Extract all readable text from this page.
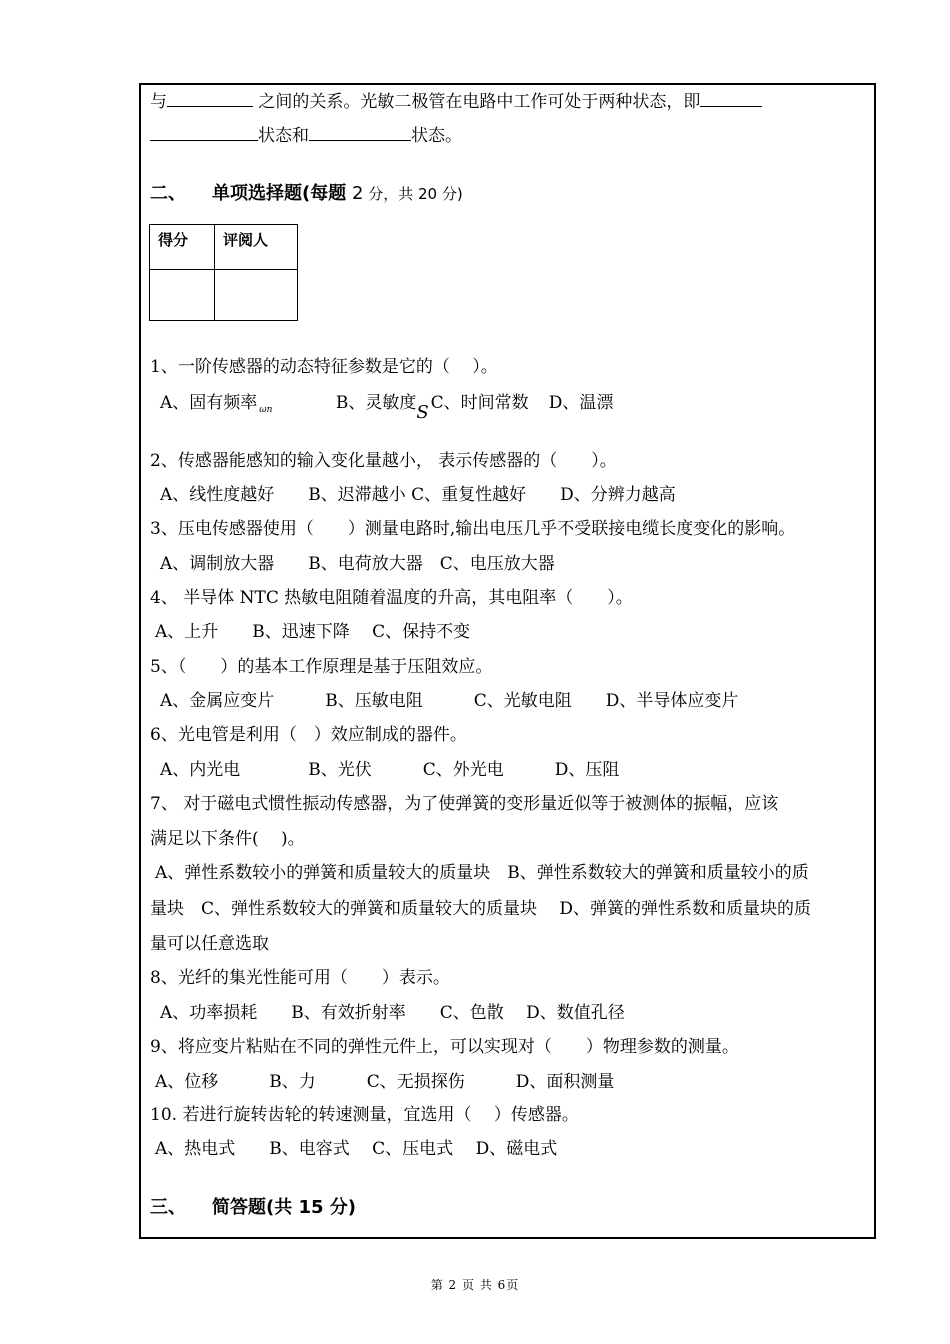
与	之间的关系。光敏二极管在电路中工作可处于两种状态，即
状态和	状态。
二、 单项选择题(每题 2 分，共 20 分)
得分	评阅人

1、一阶传感器的动态特征参数是它的（　 ）。
A、固有频率 $_{\omega n}$	B、灵敏度S C、时间常数 D、温漂
2、传感器能感知的输入变化量越小， 表示传感器的（　　）。
A、线性度越好　　B、迟滞越小 C、重复性越好　　D、分辨力越高
3、压电传感器使用（　　）测量电路时,输出电压几乎不受联接电缆长度变化的影响。
A、调制放大器　　B、电荷放大器　C、电压放大器
4、 半导体 NTC 热敏电阻随着温度的升高，其电阻率（　　）。
A、上升　　B、迅速下降　 C、保持不变
5、（　　）的基本工作原理是基于压阻效应。
A、金属应变片　　　B、压敏电阻　　　C、光敏电阻　　D、半导体应变片
6、光电管是利用（　）效应制成的器件。
A、内光电　　　　B、光伏　　　C、外光电　　　D、压阻
7、 对于磁电式惯性振动传感器，为了使弹簧的变形量近似等于被测体的振幅，应该
满足以下条件(　 )。
A、弹性系数较小的弹簧和质量较大的质量块　B、弹性系数较大的弹簧和质量较小的质
量块　C、弹性系数较大的弹簧和质量较大的质量块　 D、弹簧的弹性系数和质量块的质
量可以任意选取
8、光纤的集光性能可用（　　）表示。
A、功率损耗　　B、有效折射率　　C、色散　 D、数值孔径
9、将应变片粘贴在不同的弹性元件上，可以实现对（　　）物理参数的测量。
A、位移　　　B、力　　　C、无损探伤　　　D、面积测量
10. 若进行旋转齿轮的转速测量，宜选用（　 ）传感器。
A、热电式　　B、电容式　 C、压电式　 D、磁电式
三、 简答题(共 15 分)
第 2 页 共 6页
